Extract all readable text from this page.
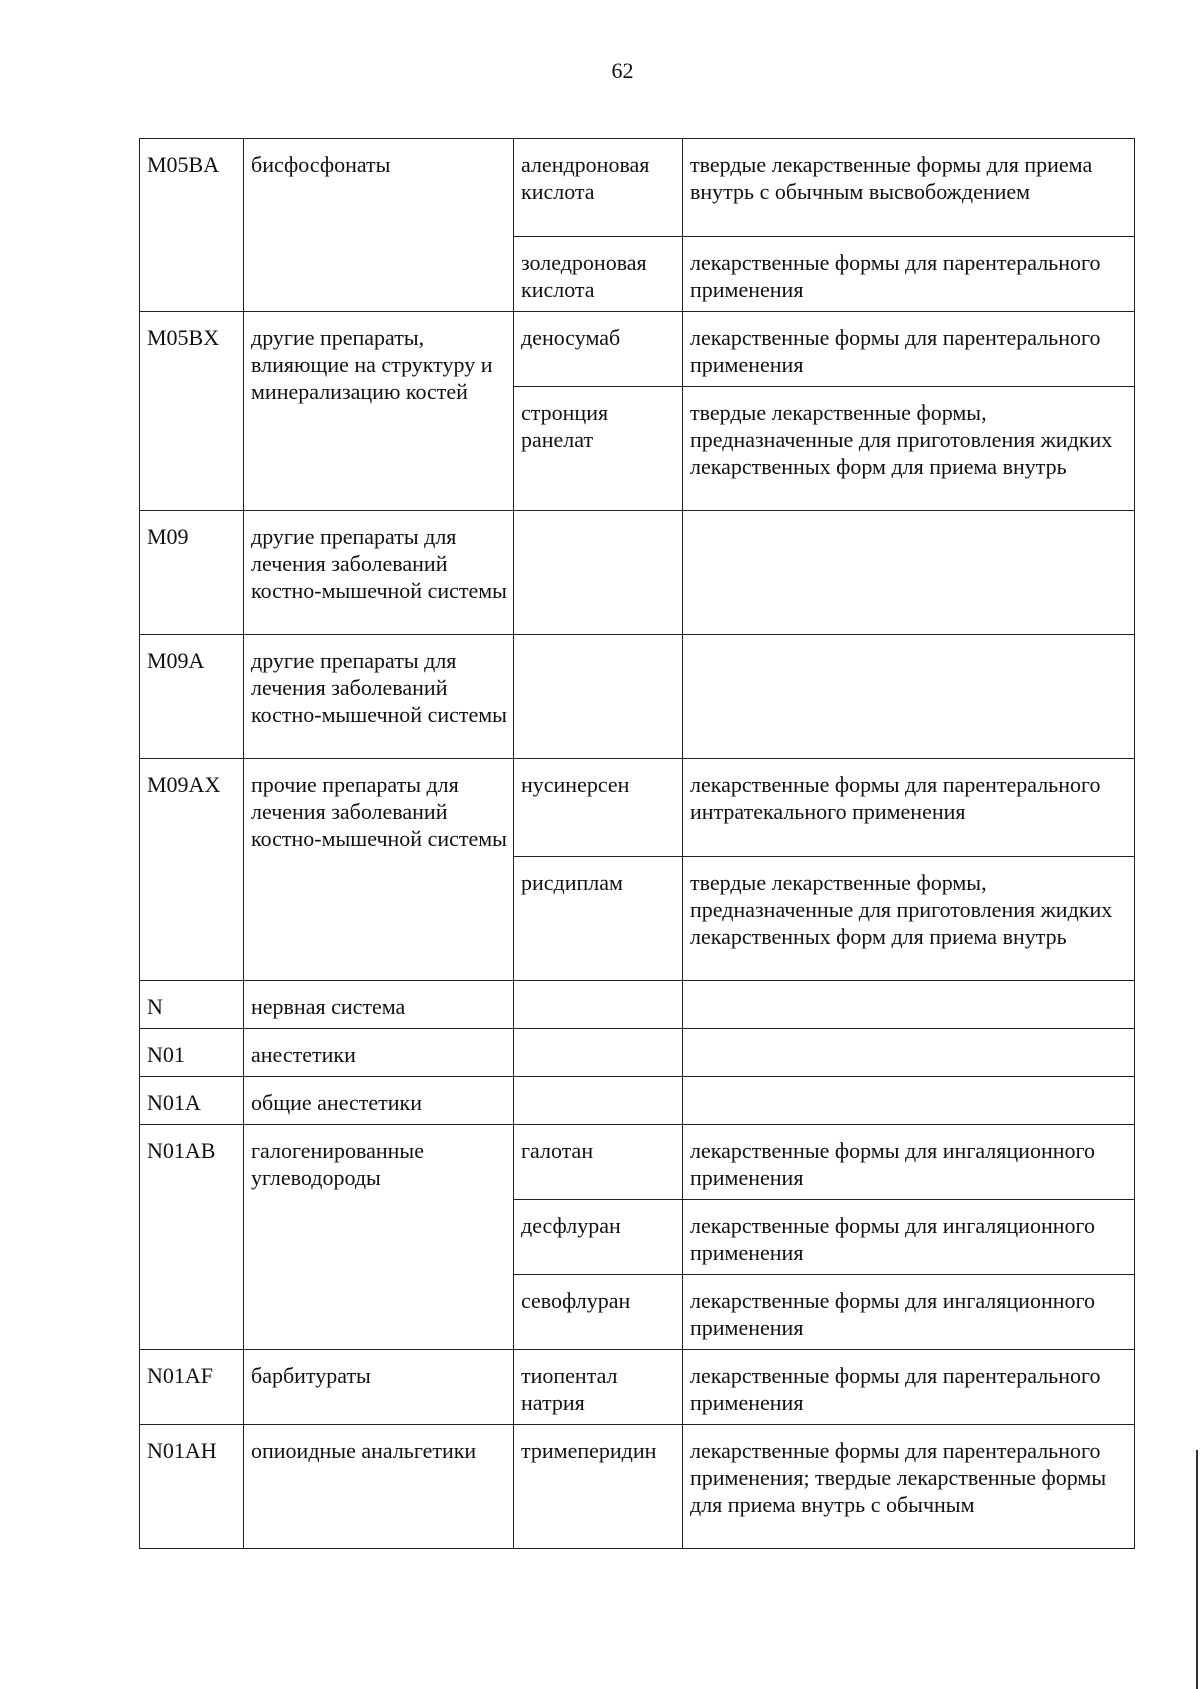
62
M05BA	бисфосфонаты	алендроновая кислота	твердые лекарственные формы для приема внутрь с обычным высвобождением
		золедроновая кислота	лекарственные формы для парентерального применения
M05BX	другие препараты, влияющие на структуру и минерализацию костей	деносумаб	лекарственные формы для парентерального применения
		стронция ранелат	твердые лекарственные формы, предназначенные для приготовления жидких лекарственных форм для приема внутрь
M09	другие препараты для лечения заболеваний костно-мышечной системы		
M09A	другие препараты для лечения заболеваний костно-мышечной системы		
M09AX	прочие препараты для лечения заболеваний костно-мышечной системы	нусинерсен	лекарственные формы для парентерального интратекального применения
		рисдиплам	твердые лекарственные формы, предназначенные для приготовления жидких лекарственных форм для приема внутрь
N	нервная система		
N01	анестетики		
N01A	общие анестетики		
N01AB	галогенированные углеводороды	галотан	лекарственные формы для ингаляционного применения
		десфлуран	лекарственные формы для ингаляционного применения
		севофлуран	лекарственные формы для ингаляционного применения
N01AF	барбитураты	тиопентал натрия	лекарственные формы для парентерального применения
N01AH	опиоидные анальгетики	тримеперидин	лекарственные формы для парентерального применения; твердые лекарственные формы для приема внутрь с обычным
